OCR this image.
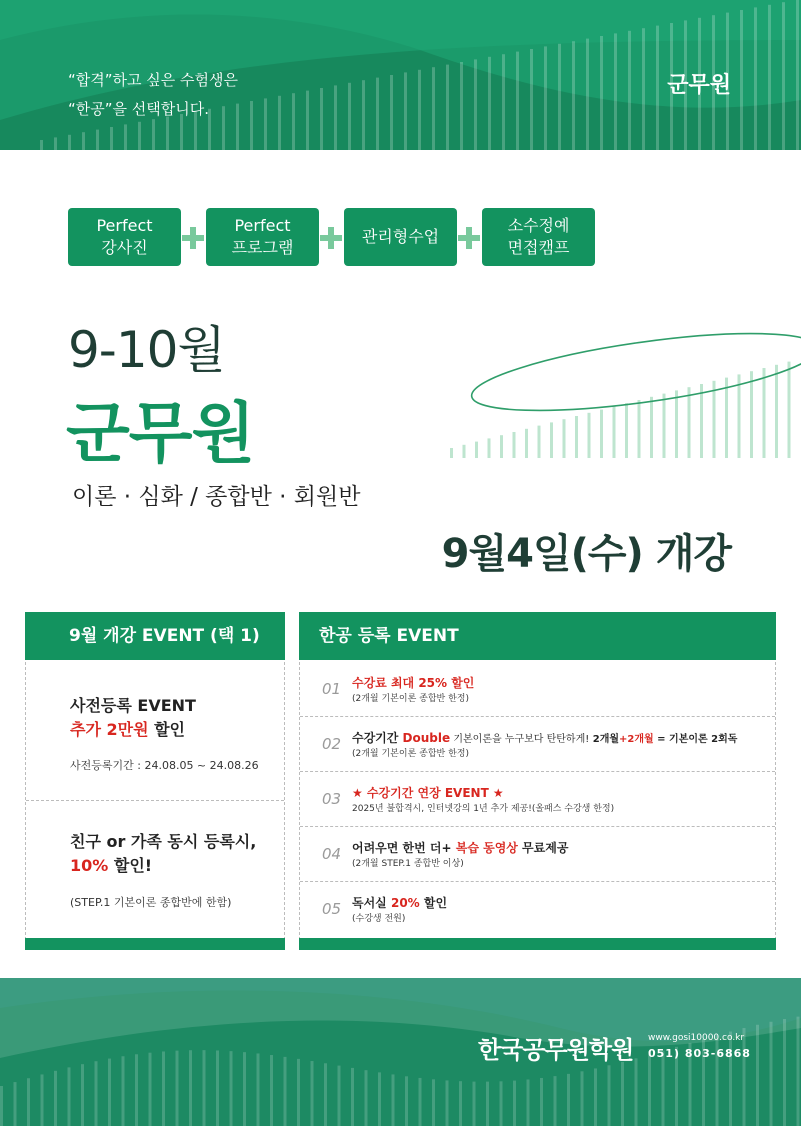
“합격”하고 싶은 수험생은
“한공”을 선택합니다.
군무원
Perfect
강사진
Perfect
프로그램
관리형수업
소수정예
면접캠프
9-10월
군무원
이론 · 심화 / 종합반 · 회원반
9월4일(수) 개강
9월 개강 EVENT (택 1)
사전등록 EVENT
추가 2만원 할인
사전등록기간 : 24.08.05 ~ 24.08.26
친구 or 가족 동시 등록시,
10% 할인!
(STEP.1 기본이론 종합반에 한함)
한공 등록 EVENT
01 수강료 최대 25% 할인
(2개월 기본이론 종합반 한정)
02 수강기간 Double 기본이론을 누구보다 탄탄하게! 2개월+2개월 = 기본이론 2회독
(2개월 기본이론 종합반 한정)
03 ★ 수강기간 연장 EVENT ★
2025년 불합격시, 인터넷강의 1년 추가 제공!(올패스 수강생 한정)
04 어려우면 한번 더+ 복습 동영상 무료제공
(2개월 STEP.1 종합반 이상)
05 독서실 20% 할인
(수강생 전원)
한국공무원학원 www.gosi10000.co.kr
051) 803-6868
